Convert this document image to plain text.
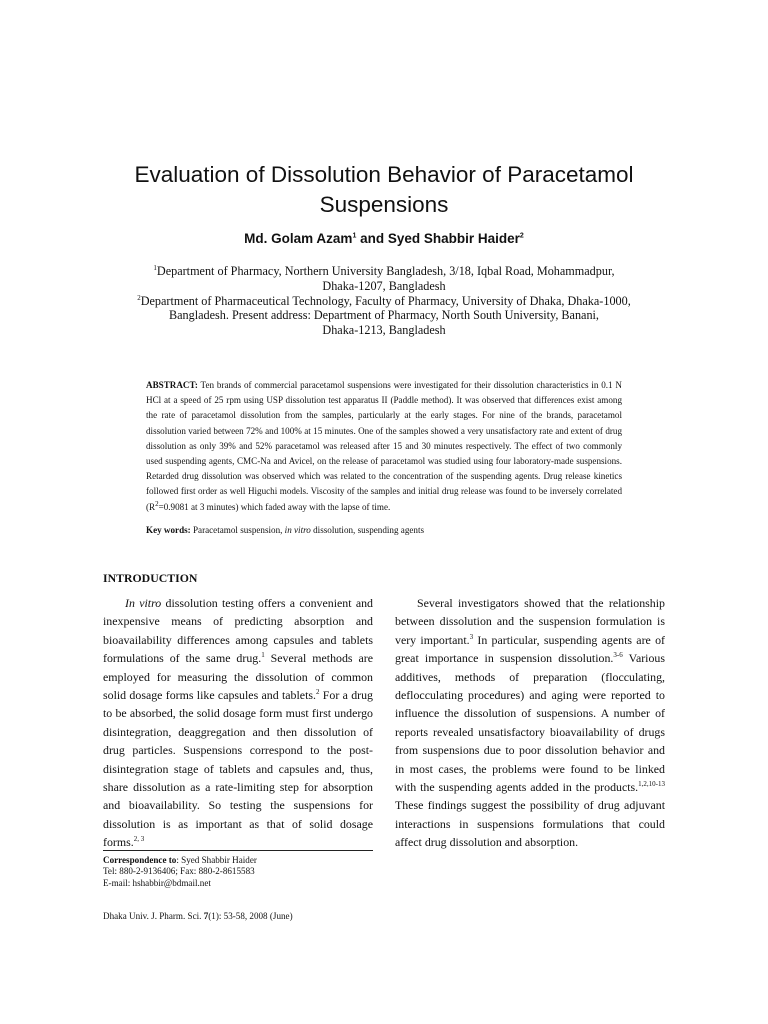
Evaluation of Dissolution Behavior of Paracetamol
Suspensions
Md. Golam Azam$^1$ and Syed Shabbir Haider$^2$
$^1$Department of Pharmacy, Northern University Bangladesh, 3/18, Iqbal Road, Mohammadpur,
Dhaka-1207, Bangladesh
$^2$Department of Pharmaceutical Technology, Faculty of Pharmacy, University of Dhaka, Dhaka-1000,
Bangladesh. Present address: Department of Pharmacy, North South University, Banani,
Dhaka-1213, Bangladesh
ABSTRACT: Ten brands of commercial paracetamol suspensions were investigated for their dissolution characteristics in 0.1 N HCl at a speed of 25 rpm using USP dissolution test apparatus II (Paddle method). It was observed that differences exist among the rate of paracetamol dissolution from the samples, particularly at the early stages. For nine of the brands, paracetamol dissolution varied between 72% and 100% at 15 minutes. One of the samples showed a very unsatisfactory rate and extent of drug dissolution as only 39% and 52% paracetamol was released after 15 and 30 minutes respectively. The effect of two commonly used suspending agents, CMC-Na and Avicel, on the release of paracetamol was studied using four laboratory-made suspensions. Retarded drug dissolution was observed which was related to the concentration of the suspending agents. Drug release kinetics followed first order as well Higuchi models. Viscosity of the samples and initial drug release was found to be inversely correlated ($R^2=0.9081$ at 3 minutes) which faded away with the lapse of time.
Key words: Paracetamol suspension, in vitro dissolution, suspending agents
INTRODUCTION

In vitro dissolution testing offers a convenient and inexpensive means of predicting absorption and bioavailability differences among capsules and tablets formulations of the same drug.$^1$ Several methods are employed for measuring the dissolution of common solid dosage forms like capsules and tablets.$^2$ For a drug to be absorbed, the solid dosage form must first undergo disintegration, deaggregation and then dissolution of drug particles. Suspensions correspond to the post-disintegration stage of tablets and capsules and, thus, share dissolution as a rate-limiting step for absorption and bioavailability. So testing the suspensions for dissolution is as important as that of solid dosage forms.$^{2, 3}$

Several investigators showed that the relationship between dissolution and the suspension formulation is very important.$^3$ In particular, suspending agents are of great importance in suspension dissolution.$^{3-6}$ Various additives, methods of preparation (flocculating, deflocculating procedures) and aging were reported to influence the dissolution of suspensions. A number of reports revealed unsatisfactory bioavailability of drugs from suspensions due to poor dissolution behavior and in most cases, the problems were found to be linked with the suspending agents added in the products.$^{1,2,10-13}$ These findings suggest the possibility of drug adjuvant interactions in suspensions formulations that could affect drug dissolution and absorption.

Correspondence to: Syed Shabbir Haider
Tel: 880-2-9136406; Fax: 880-2-8615583
E-mail: hshabbir@bdmail.net
Dhaka Univ. J. Pharm. Sci. 7(1): 53-58, 2008 (June)
